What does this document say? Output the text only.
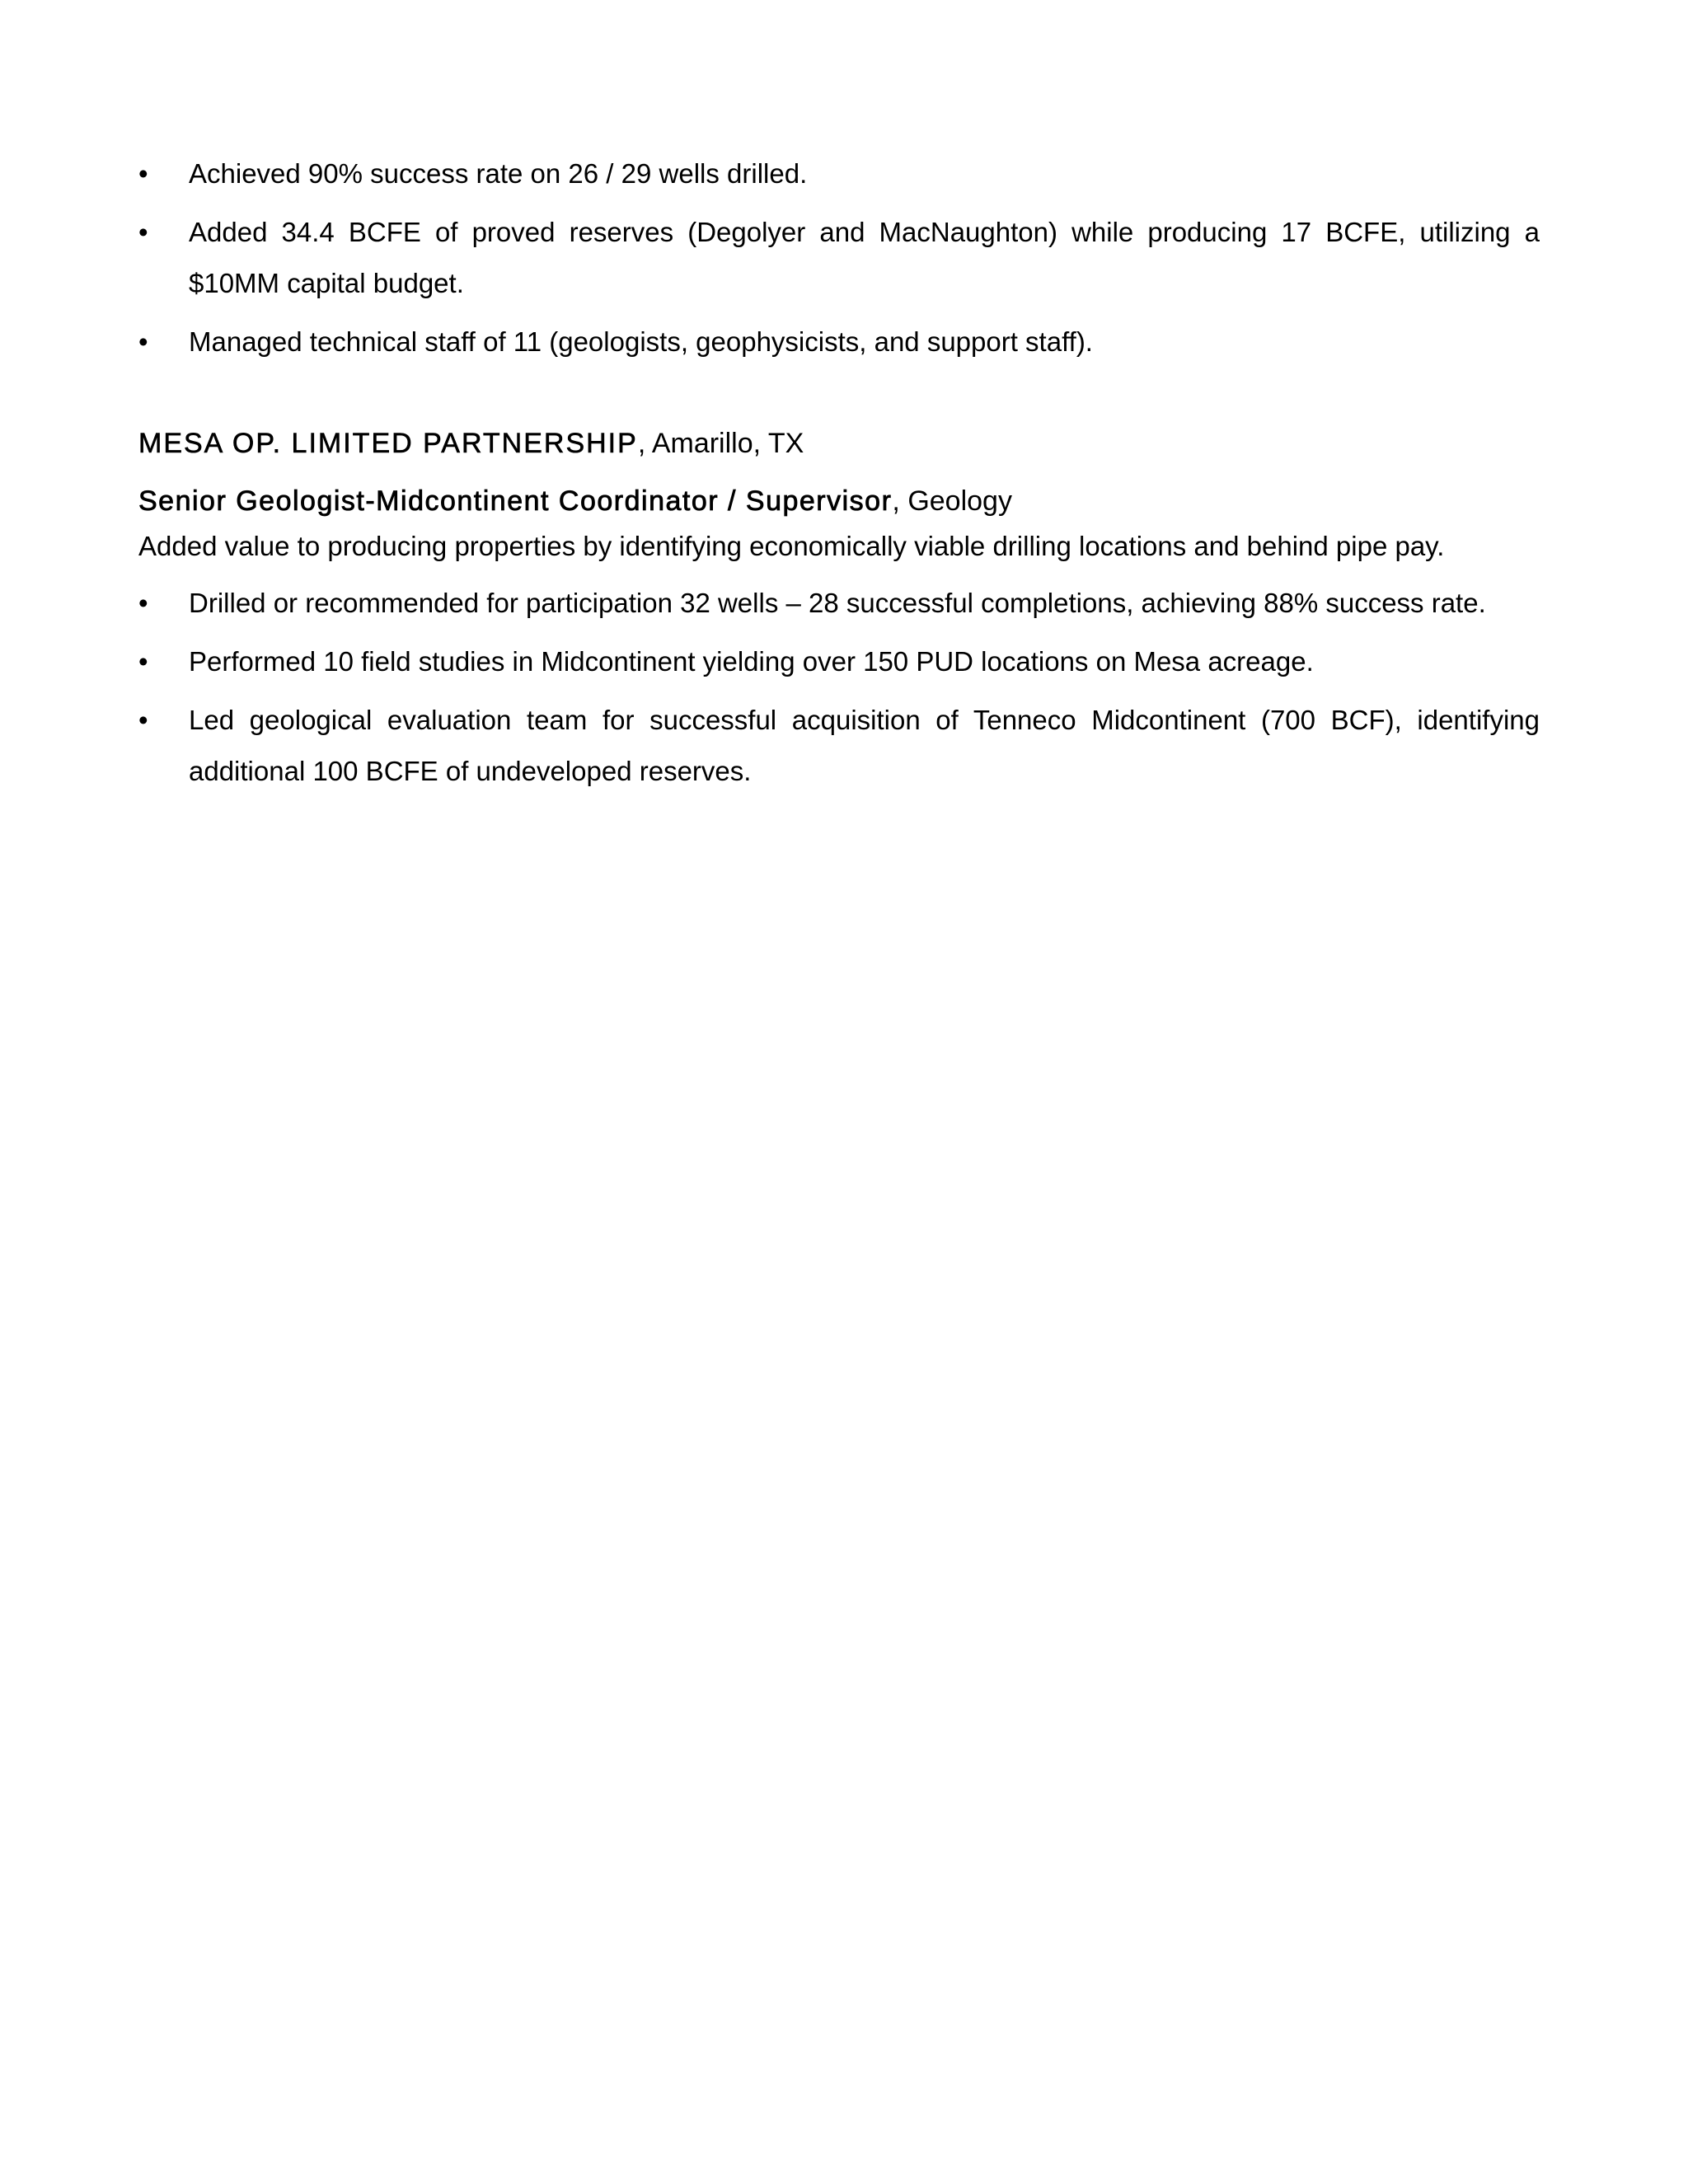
•	Achieved 90% success rate on 26 / 29 wells drilled.
•	Added 34.4 BCFE of proved reserves (Degolyer and MacNaughton) while producing 17 BCFE, utilizing a $10MM capital budget.
•	Managed technical staff of 11 (geologists, geophysicists, and support staff).

MESA OP. LIMITED PARTNERSHIP, Amarillo, TX

Senior Geologist-Midcontinent Coordinator / Supervisor, Geology

Added value to producing properties by identifying economically viable drilling locations and behind pipe pay.

•	Drilled or recommended for participation 32 wells – 28 successful completions, achieving 88% success rate.
•	Performed 10 field studies in Midcontinent yielding over 150 PUD locations on Mesa acreage.
•	Led geological evaluation team for successful acquisition of Tenneco Midcontinent (700 BCF), identifying additional 100 BCFE of undeveloped reserves.
